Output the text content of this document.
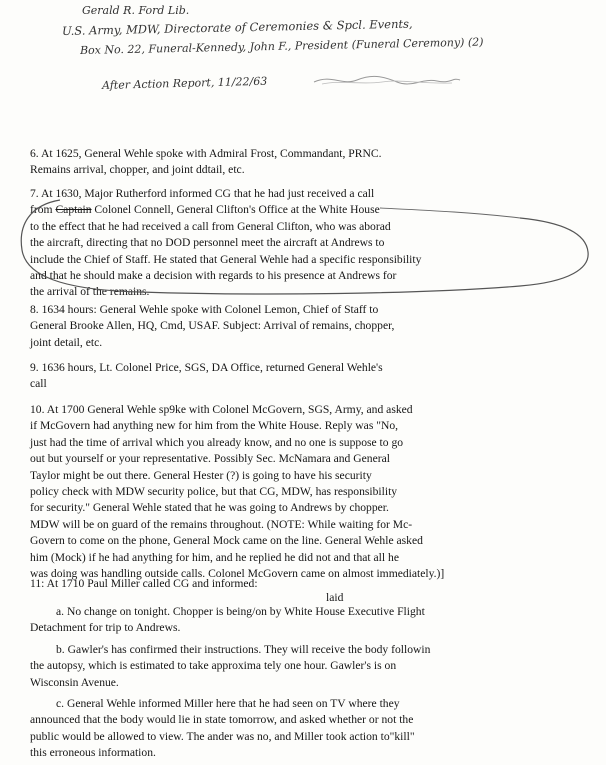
Gerald R. Ford Lib.
U.S. Army, MDW, Directorate of Ceremonies & Spcl. Events,
Box No. 22, Funeral-Kennedy, John F., President (Funeral Ceremony) (2)
After Action Report, 11/22/63
6. At 1625, General Wehle spoke with Admiral Frost, Commandant, PRNC.
Remains arrival, chopper, and joint ddtail, etc.
7. At 1630, Major Rutherford informed CG that he had just received a call
from Captain Colonel Connell, General Clifton's Office at the White House
to the effect that he had received a call from General Clifton, who was aborad
the aircraft, directing that no DOD personnel meet the aircraft at Andrews to
include the Chief of Staff. He stated that General Wehle had a specific responsibility
and that he should make a decision with regards to his presence at Andrews for
the arrival of the remains.
8. 1634 hours: General Wehle spoke with Colonel Lemon, Chief of Staff to
General Brooke Allen, HQ, Cmd, USAF. Subject: Arrival of remains, chopper,
joint detail, etc.
9. 1636 hours, Lt. Colonel Price, SGS, DA Office, returned General Wehle's
call
10. At 1700 General Wehle sp9ke with Colonel McGovern, SGS, Army, and asked
if McGovern had anything new for him from the White House. Reply was "No,
just had the time of arrival which you already know, and no one is suppose to go
out but yourself or your representative. Possibly Sec. McNamara and General
Taylor might be out there. General Hester (?) is going to have his security
policy check with MDW security police, but that CG, MDW, has responsibility
for security." General Wehle stated that he was going to Andrews by chopper.
MDW will be on guard of the remains throughout. (NOTE: While waiting for Mc-
Govern to come on the phone, General Mock came on the line. General Wehle asked
him (Mock) if he had anything for him, and he replied he did not and that all he
was doing was handling outside calls. Colonel McGovern came on almost immediately.)]
11: At 1710 Paul Miller called CG and informed:
laid
a. No change on tonight. Chopper is being/on by White House Executive Flight
Detachment for trip to Andrews.
b. Gawler's has confirmed their instructions. They will receive the body followin
the autopsy, which is estimated to take approxima tely one hour. Gawler's is on
Wisconsin Avenue.
c. General Wehle informed Miller here that he had seen on TV where they
announced that the body would lie in state tomorrow, and asked whether or not the
public would be allowed to view. The ander was no, and Miller took action to"kill"
this erroneous information.
